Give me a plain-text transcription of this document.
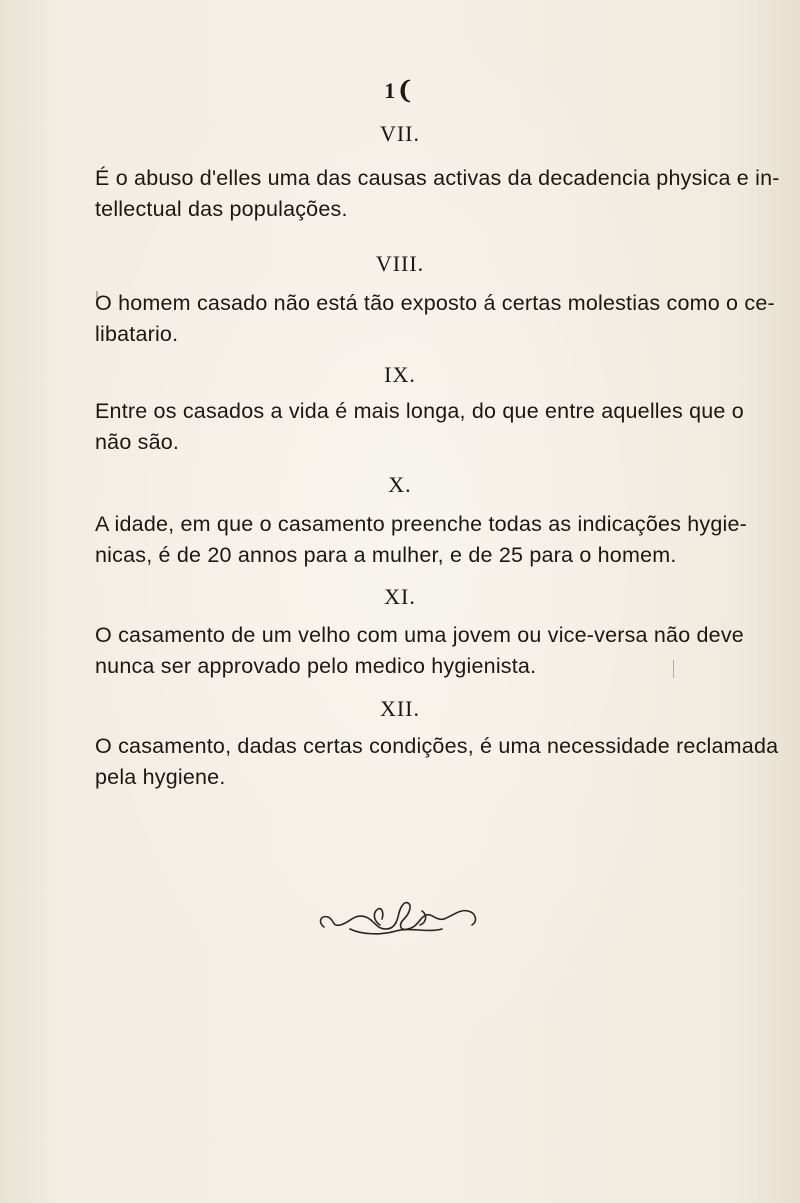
1❨
VII.
É o abuso d'elles uma das causas activas da decadencia physica e in-
tellectual das populações.
VIII.
O homem casado não está tão exposto á certas molestias como o ce-
libatario.
IX.
Entre os casados a vida é mais longa, do que entre aquelles que o
não são.
X.
A idade, em que o casamento preenche todas as indicações hygie-
nicas, é de 20 annos para a mulher, e de 25 para o homem.
XI.
O casamento de um velho com uma jovem ou vice-versa não deve
nunca ser approvado pelo medico hygienista.
XII.
O casamento, dadas certas condições, é uma necessidade reclamada
pela hygiene.
